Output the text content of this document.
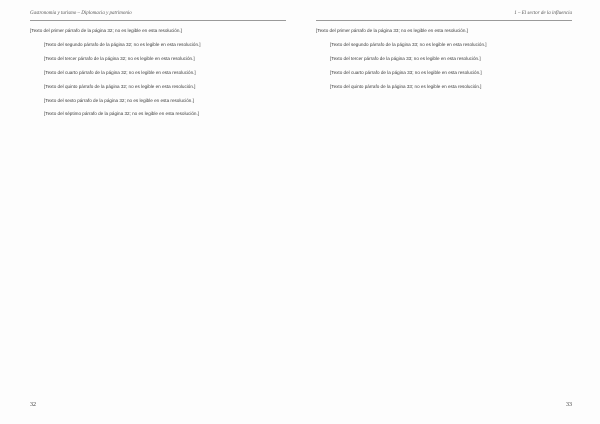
Gastronomía y turismo – Diplomacia y patrimonio

[Texto del primer párrafo de la página 32; no es legible en esta resolución.]

[Texto del segundo párrafo de la página 32; no es legible en esta resolución.]

[Texto del tercer párrafo de la página 32; no es legible en esta resolución.]

[Texto del cuarto párrafo de la página 32; no es legible en esta resolución.]

[Texto del quinto párrafo de la página 32; no es legible en esta resolución.]

[Texto del sexto párrafo de la página 32; no es legible en esta resolución.]

[Texto del séptimo párrafo de la página 32; no es legible en esta resolución.]

32
1 – El sector de la influencia

[Texto del primer párrafo de la página 33; no es legible en esta resolución.]

[Texto del segundo párrafo de la página 33; no es legible en esta resolución.]

[Texto del tercer párrafo de la página 33; no es legible en esta resolución.]

[Texto del cuarto párrafo de la página 33; no es legible en esta resolución.]

[Texto del quinto párrafo de la página 33; no es legible en esta resolución.]

33
